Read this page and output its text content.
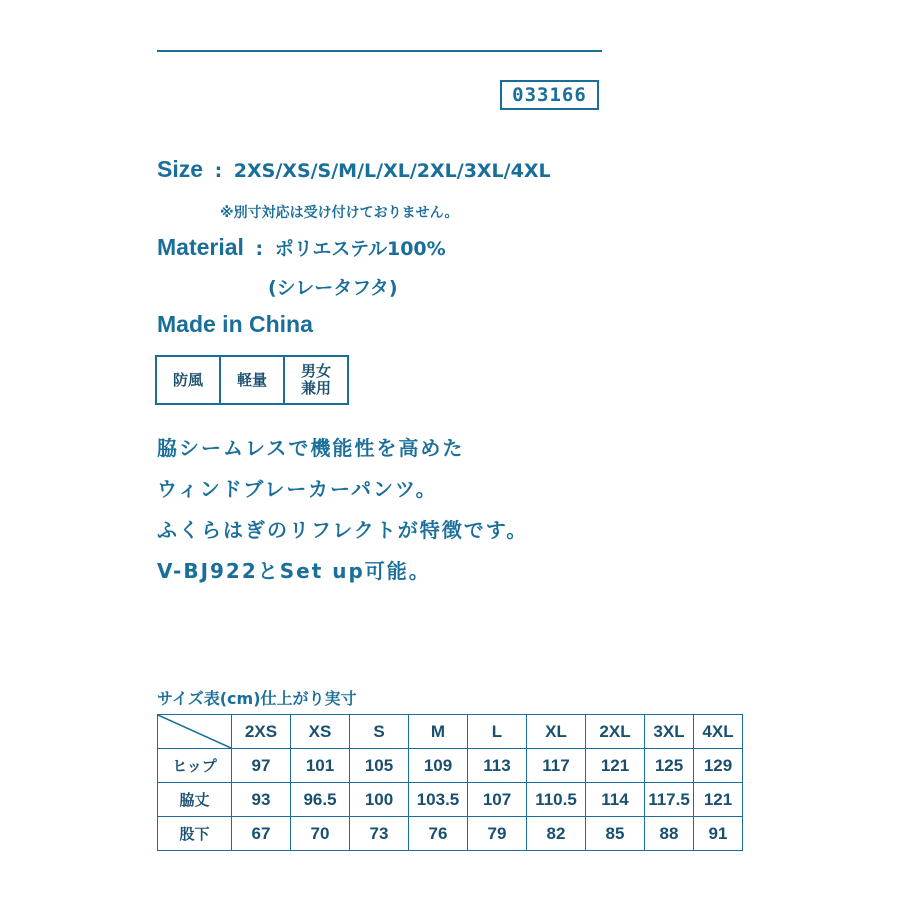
033166
Size : 2XS/XS/S/M/L/XL/2XL/3XL/4XL
※別寸対応は受け付けておりません。
Material : ポリエステル100%
(シレータフタ)
Made in China
防風	軽量	男女兼用
脇シームレスで機能性を高めた
ウィンドブレーカーパンツ。
ふくらはぎのリフレクトが特徴です。
V-BJ922とSet up可能。
サイズ表(cm)仕上がり実寸
	2XS	XS	S	M	L	XL	2XL	3XL	4XL
ヒップ	97	101	105	109	113	117	121	125	129
脇丈	93	96.5	100	103.5	107	110.5	114	117.5	121
股下	67	70	73	76	79	82	85	88	91
